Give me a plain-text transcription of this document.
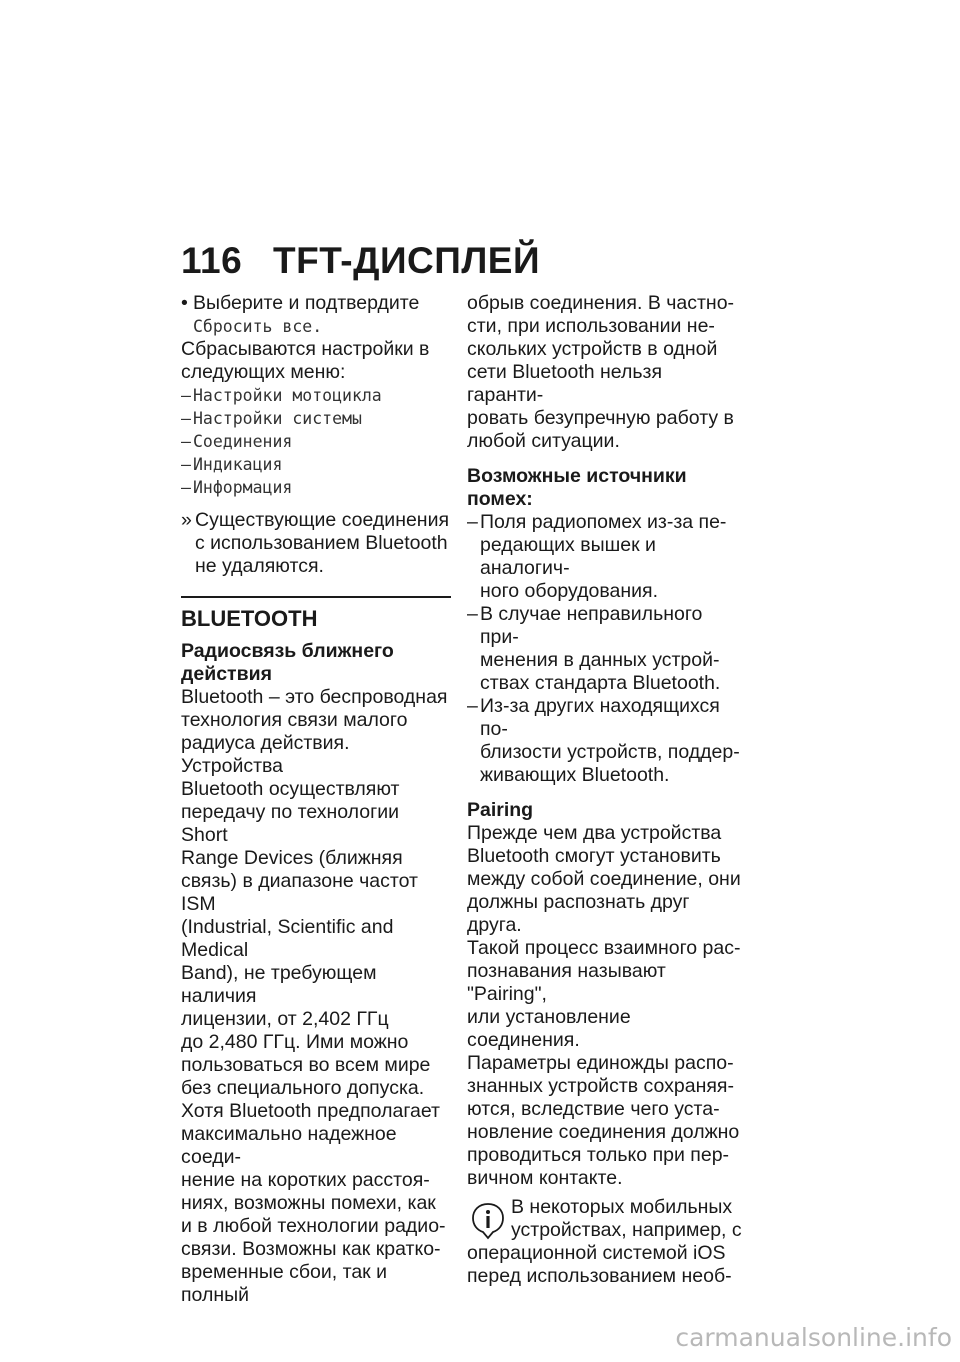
116 TFT-ДИСПЛЕЙ

• Выберите и подтвердите

Сбросить все.

Сбрасываются настройки в следующих меню:

– Настройки мотоцикла

– Настройки системы

– Соединения

– Индикация

– Информация

» Существующие соединения с использованием Bluetooth не удаляются.

BLUETOOTH
Радиосвязь ближнего действия

Bluetooth – это беспроводная

технология связи малого

радиуса действия. Устройства

Bluetooth осуществляют

передачу по технологии Short

Range Devices (ближняя

связь) в диапазоне частот ISM

(Industrial, Scientific and Medical

Band), не требующем наличия

лицензии, от 2,402 ГГц

до 2,480 ГГц. Ими можно

пользоваться во всем мире

без специального допуска.

Хотя Bluetooth предполагает

максимально надежное соеди-

нение на коротких расстоя-

ниях, возможны помехи, как

и в любой технологии радио-

связи. Возможны как кратко-

временные сбои, так и полный

обрыв соединения. В частно-

сти, при использовании не-

скольких устройств в одной

сети Bluetooth нельзя гаранти-

ровать безупречную работу в

любой ситуации.

Возможные источники помех:

– Поля радиопомех из-за пе-

редающих вышек и аналогич-

ного оборудования.

– В случае неправильного при-

менения в данных устрой-

ствах стандарта Bluetooth.

– Из-за других находящихся по-

близости устройств, поддер-

живающих Bluetooth.

Pairing

Прежде чем два устройства

Bluetooth смогут установить

между собой соединение, они

должны распознать друг друга.

Такой процесс взаимного рас-

познавания называют "Pairing",

или установление соединения.

Параметры единожды распо-

знанных устройств сохраняя-

ются, вследствие чего уста-

новление соединения должно

проводиться только при пер-

вичном контакте.

В некоторых мобильных

устройствах, например, с

операционной системой iOS

перед использованием необ-

carmanualsonline.info
